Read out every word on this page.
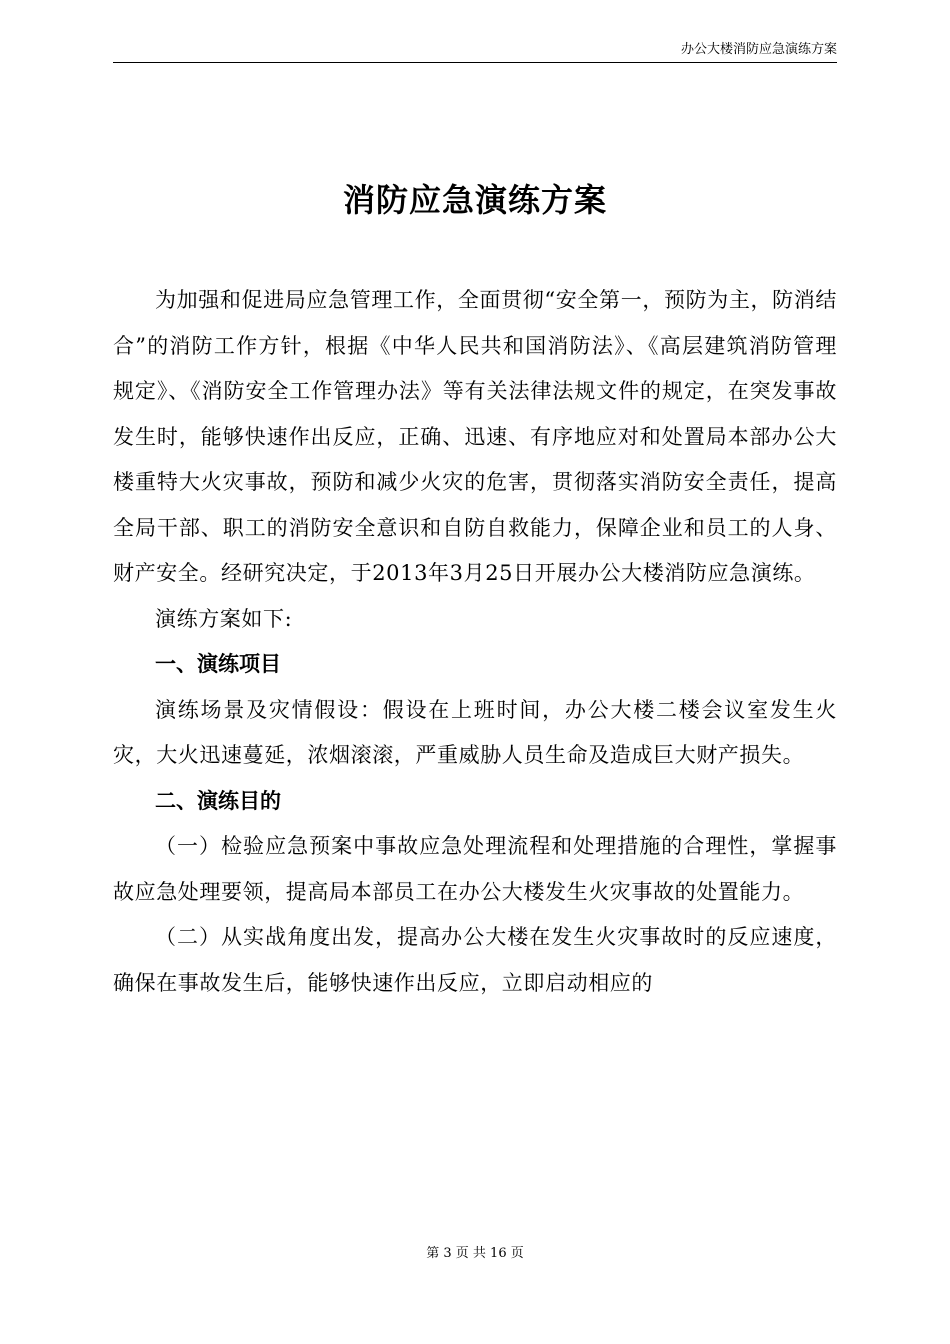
办公大楼消防应急演练方案
消防应急演练方案

为加强和促进局应急管理工作，全面贯彻“安全第一，预防为主，防消结合”的消防工作方针，根据《中华人民共和国消防法》、《高层建筑消防管理规定》、《消防安全工作管理办法》等有关法律法规文件的规定，在突发事故发生时，能够快速作出反应，正确、迅速、有序地应对和处置局本部办公大楼重特大火灾事故，预防和减少火灾的危害，贯彻落实消防安全责任，提高全局干部、职工的消防安全意识和自防自救能力，保障企业和员工的人身、财产安全。经研究决定，于2013年3月25日开展办公大楼消防应急演练。

演练方案如下:

一、演练项目

演练场景及灾情假设：假设在上班时间，办公大楼二楼会议室发生火灾，大火迅速蔓延，浓烟滚滚，严重威胁人员生命及造成巨大财产损失。

二、演练目的

（一）检验应急预案中事故应急处理流程和处理措施的合理性，掌握事故应急处理要领，提高局本部员工在办公大楼发生火灾事故的处置能力。

（二）从实战角度出发，提高办公大楼在发生火灾事故时的反应速度，确保在事故发生后，能够快速作出反应，立即启动相应的

第 3 页 共 16 页
